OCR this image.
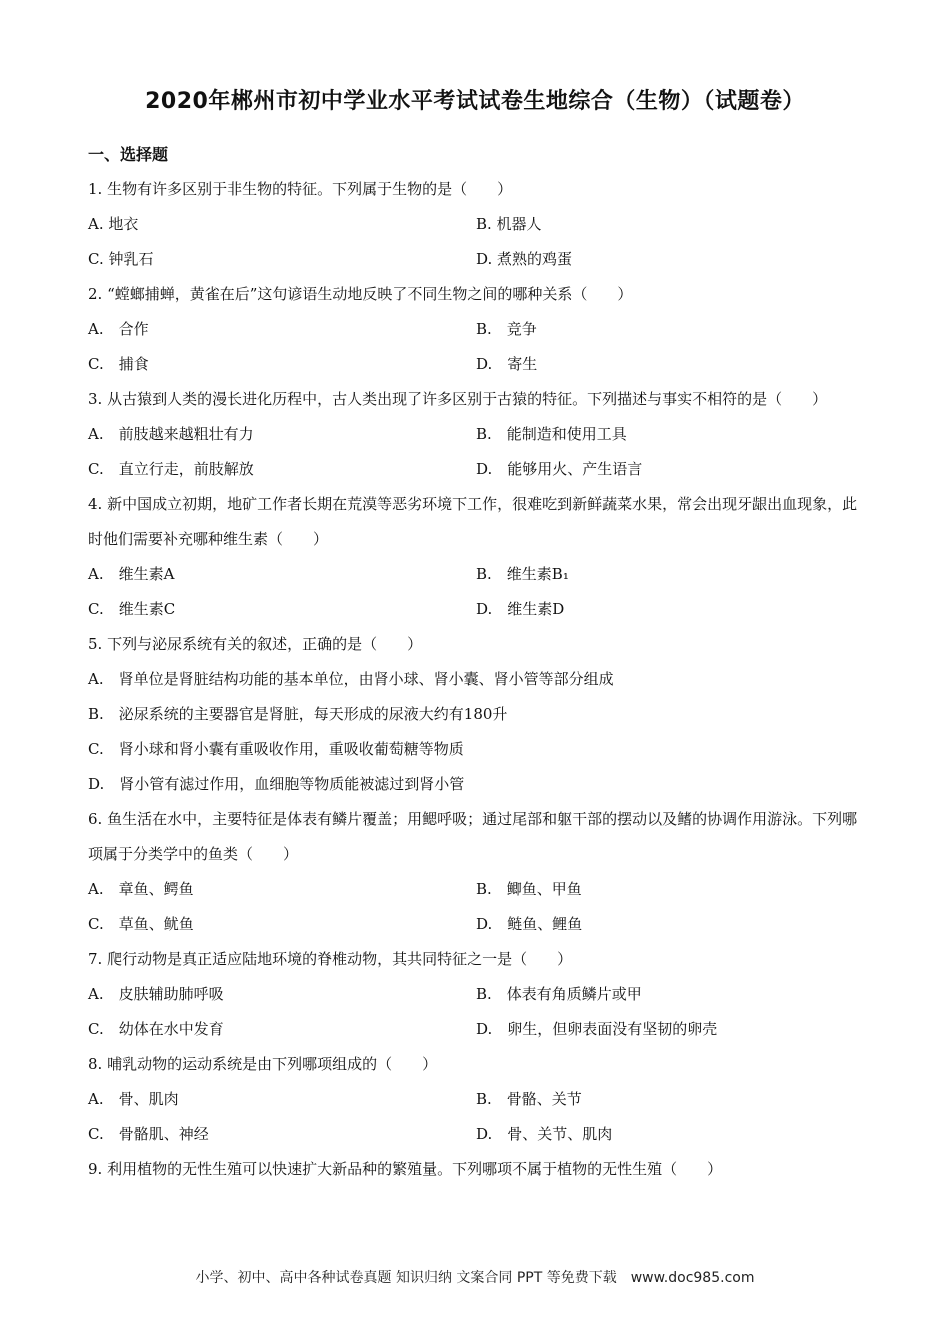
2020年郴州市初中学业水平考试试卷生地综合（生物）（试题卷）
一、选择题

1. 生物有许多区别于非生物的特征。下列属于生物的是（　　）

A. 地衣	B. 机器人
C. 钟乳石	D. 煮熟的鸡蛋

2. “螳螂捕蝉，黄雀在后”这句谚语生动地反映了不同生物之间的哪种关系（　　）

A.　合作	B.　竞争
C.　捕食	D.　寄生

3. 从古猿到人类的漫长进化历程中，古人类出现了许多区别于古猿的特征。下列描述与事实不相符的是（　　）

A.　前肢越来越粗壮有力	B.　能制造和使用工具
C.　直立行走，前肢解放	D.　能够用火、产生语言

4. 新中国成立初期，地矿工作者长期在荒漠等恶劣环境下工作，很难吃到新鲜蔬菜水果，常会出现牙龈出血现象，此时他们需要补充哪种维生素（　　）

A.　维生素A	B.　维生素B₁
C.　维生素C	D.　维生素D

5. 下列与泌尿系统有关的叙述，正确的是（　　）

A.　肾单位是肾脏结构功能的基本单位，由肾小球、肾小囊、肾小管等部分组成
B.　泌尿系统的主要器官是肾脏，每天形成的尿液大约有180升
C.　肾小球和肾小囊有重吸收作用，重吸收葡萄糖等物质
D.　肾小管有滤过作用，血细胞等物质能被滤过到肾小管

6. 鱼生活在水中，主要特征是体表有鳞片覆盖；用鳃呼吸；通过尾部和躯干部的摆动以及鳍的协调作用游泳。下列哪项属于分类学中的鱼类（　　）

A.　章鱼、鳄鱼	B.　鲫鱼、甲鱼
C.　草鱼、鱿鱼	D.　鲢鱼、鲤鱼

7. 爬行动物是真正适应陆地环境的脊椎动物，其共同特征之一是（　　）

A.　皮肤辅助肺呼吸	B.　体表有角质鳞片或甲
C.　幼体在水中发育	D.　卵生，但卵表面没有坚韧的卵壳

8. 哺乳动物的运动系统是由下列哪项组成的（　　）

A.　骨、肌肉	B.　骨骼、关节
C.　骨骼肌、神经	D.　骨、关节、肌肉

9. 利用植物的无性生殖可以快速扩大新品种的繁殖量。下列哪项不属于植物的无性生殖（　　）

小学、初中、高中各种试卷真题 知识归纳 文案合同 PPT 等免费下载　www.doc985.com
